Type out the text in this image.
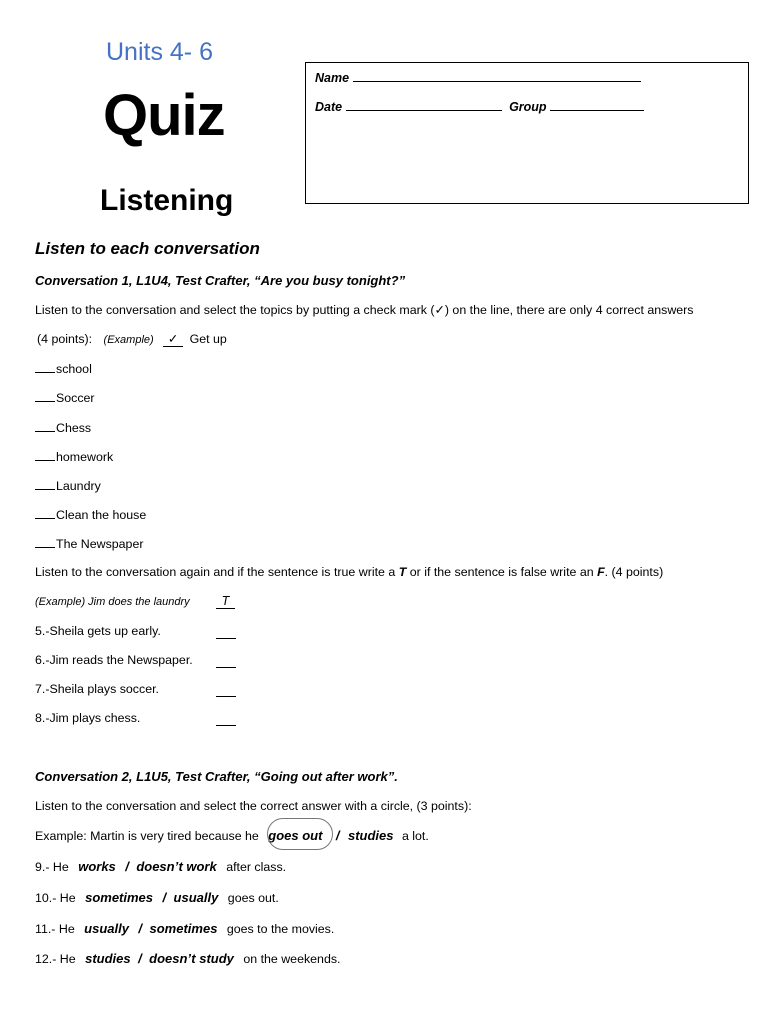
Units 4- 6
Quiz
Listening
Name
Date	Group
Listen to each conversation
Conversation 1, L1U4, Test Crafter, “Are you busy tonight?”
Listen to the conversation and select the topics by putting a check mark (✓) on the line, there are only 4 correct answers
(4 points): (Example) ✓ Get up
school
Soccer
Chess
homework
Laundry
Clean the house
The Newspaper
Listen to the conversation again and if the sentence is true write a T or if the sentence is false write an F. (4 points)
(Example) Jim does the laundry	T
5.-Sheila gets up early.
6.-Jim reads the Newspaper.
7.-Sheila plays soccer.
8.-Jim plays chess.
Conversation 2, L1U5, Test Crafter, “Going out after work”.
Listen to the conversation and select the correct answer with a circle, (3 points):
Example: Martin is very tired because he goes out / studies a lot.
9.- He works / doesn’t work after class.
10.- He sometimes / usually goes out.
11.- He usually / sometimes goes to the movies.
12.- He studies / doesn’t study on the weekends.
